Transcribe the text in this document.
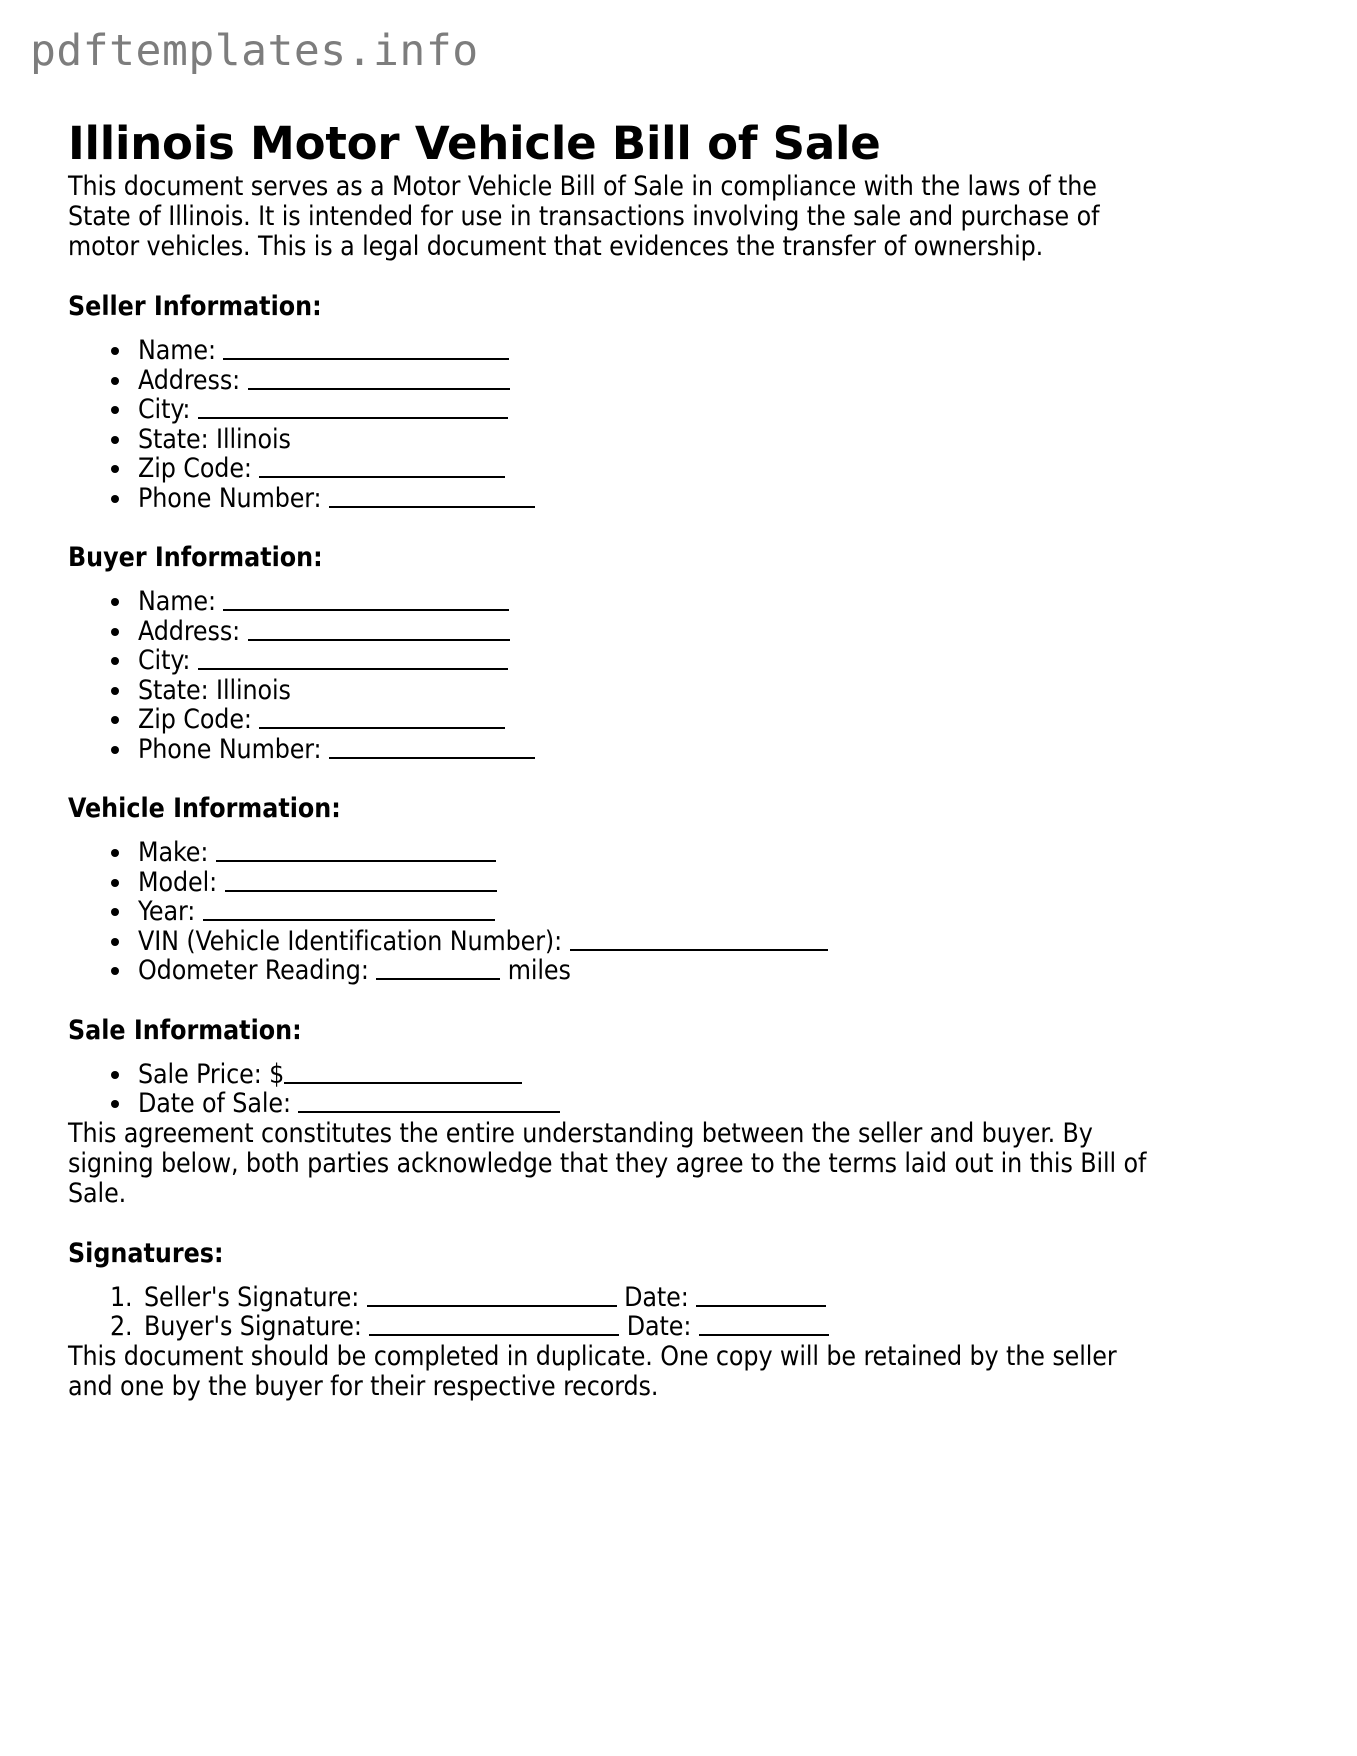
pdftemplates.info
Illinois Motor Vehicle Bill of Sale

This document serves as a Motor Vehicle Bill of Sale in compliance with the laws of the State of Illinois. It is intended for use in transactions involving the sale and purchase of motor vehicles. This is a legal document that evidences the transfer of ownership.

Seller Information:
• Name:
• Address:
• City:
• State: Illinois
• Zip Code:
• Phone Number:
Buyer Information:
• Name:
• Address:
• City:
• State: Illinois
• Zip Code:
• Phone Number:
Vehicle Information:
• Make:
• Model:
• Year:
• VIN (Vehicle Identification Number):
• Odometer Reading:	miles
Sale Information:
• Sale Price: $
• Date of Sale:

This agreement constitutes the entire understanding between the seller and buyer. By signing below, both parties acknowledge that they agree to the terms laid out in this Bill of Sale.

Signatures:
1. Seller's Signature:	Date:
2. Buyer's Signature:	Date:

This document should be completed in duplicate. One copy will be retained by the seller and one by the buyer for their respective records.
